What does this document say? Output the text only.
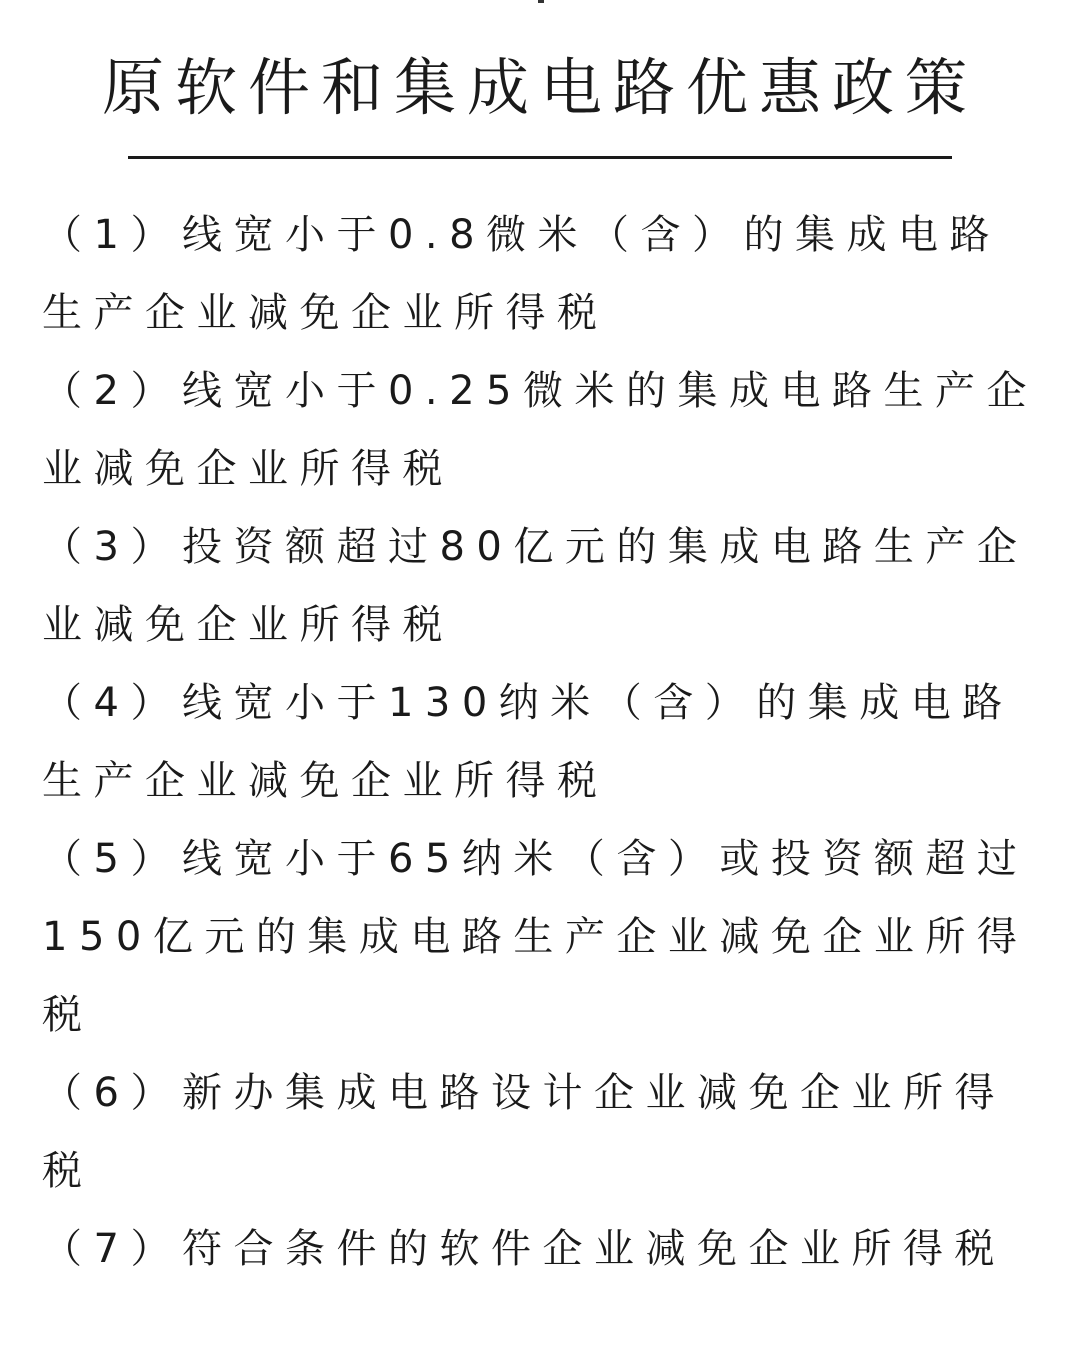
原软件和集成电路优惠政策
（1）线宽小于0.8微米（含）的集成电路生产企业减免企业所得税
（2）线宽小于0.25微米的集成电路生产企业减免企业所得税
（3）投资额超过80亿元的集成电路生产企业减免企业所得税
（4）线宽小于130纳米（含）的集成电路生产企业减免企业所得税
（5）线宽小于65纳米（含）或投资额超过150亿元的集成电路生产企业减免企业所得税
（6）新办集成电路设计企业减免企业所得税
（7）符合条件的软件企业减免企业所得税
